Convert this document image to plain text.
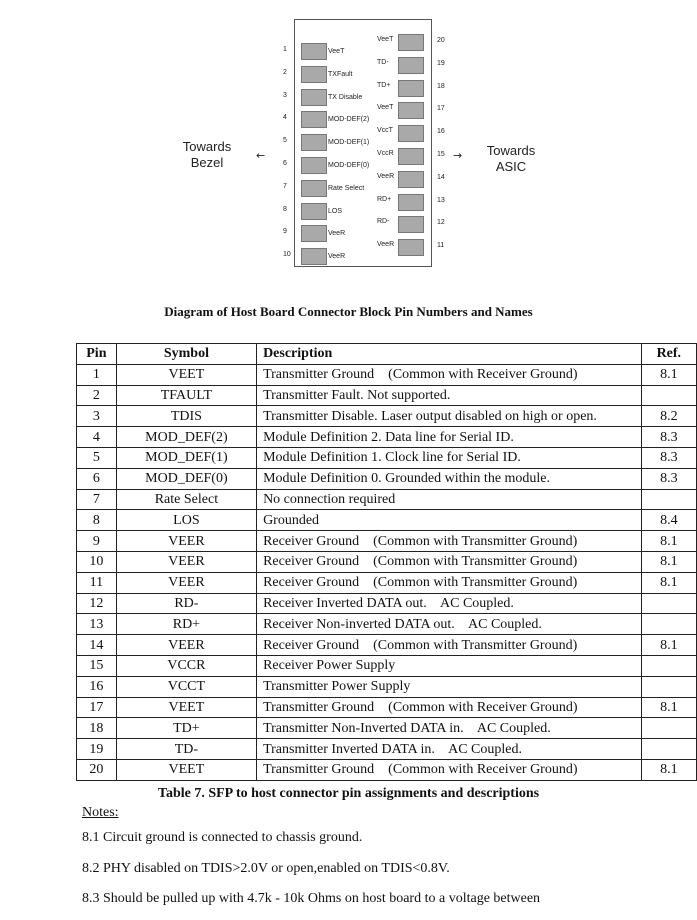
1	VeeT
2	TXFault
3	TX Disable
4	MOD-DEF(2)
5	MOD-DEF(1)
6	MOD-DEF(0)
7	Rate Select
8	LOS
9	VeeR
10	VeeR
VeeT	20
TD-	19
TD+	18
VeeT	17
VccT	16
VccR	15
VeeR	14
RD+	13
RD-	12
VeeR	11
Towards Bezel	←	→	Towards ASIC
Diagram of Host Board Connector Block Pin Numbers and Names
Pin	Symbol	Description	Ref.
1	VEET	Transmitter Ground    (Common with Receiver Ground)	8.1
2	TFAULT	Transmitter Fault. Not supported.	
3	TDIS	Transmitter Disable. Laser output disabled on high or open.	8.2
4	MOD_DEF(2)	Module Definition 2. Data line for Serial ID.	8.3
5	MOD_DEF(1)	Module Definition 1. Clock line for Serial ID.	8.3
6	MOD_DEF(0)	Module Definition 0. Grounded within the module.	8.3
7	Rate Select	No connection required	
8	LOS	Grounded	8.4
9	VEER	Receiver Ground    (Common with Transmitter Ground)	8.1
10	VEER	Receiver Ground    (Common with Transmitter Ground)	8.1
11	VEER	Receiver Ground    (Common with Transmitter Ground)	8.1
12	RD-	Receiver Inverted DATA out.    AC Coupled.	
13	RD+	Receiver Non-inverted DATA out.    AC Coupled.	
14	VEER	Receiver Ground    (Common with Transmitter Ground)	8.1
15	VCCR	Receiver Power Supply	
16	VCCT	Transmitter Power Supply	
17	VEET	Transmitter Ground    (Common with Receiver Ground)	8.1
18	TD+	Transmitter Non-Inverted DATA in.    AC Coupled.	
19	TD-	Transmitter Inverted DATA in.    AC Coupled.	
20	VEET	Transmitter Ground    (Common with Receiver Ground)	8.1
Table 7. SFP to host connector pin assignments and descriptions
Notes:
8.1 Circuit ground is connected to chassis ground.
8.2 PHY disabled on TDIS>2.0V or open,enabled on TDIS<0.8V.
8.3 Should be pulled up with 4.7k - 10k Ohms on host board to a voltage between
